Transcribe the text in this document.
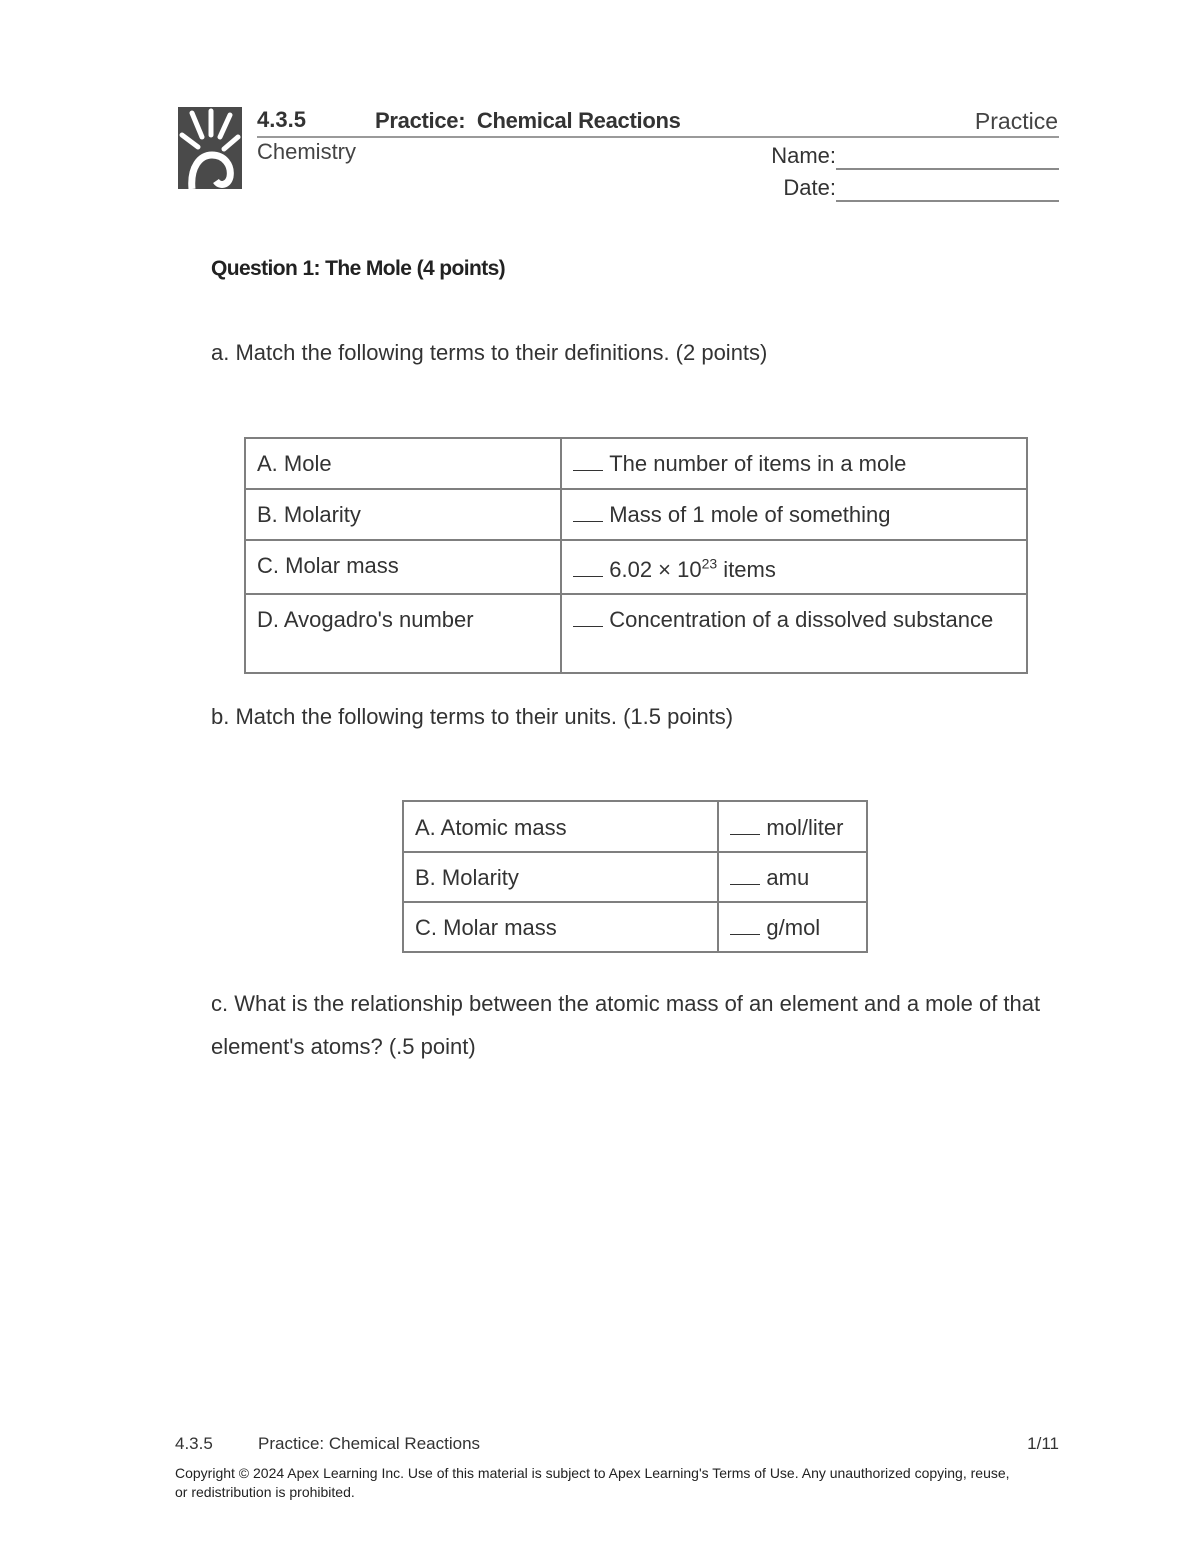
4.3.5	Practice:  Chemical Reactions	Practice
Chemistry	Name:
Date:
Question 1: The Mole (4 points)
a. Match the following terms to their definitions. (2 points)
A. Mole	The number of items in a mole
B. Molarity	Mass of 1 mole of something
C. Molar mass	$6.02 \times 10^{23}$ items
D. Avogadro's number	Concentration of a dissolved substance
b. Match the following terms to their units. (1.5 points)
A. Atomic mass	mol/liter
B. Molarity	amu
C. Molar mass	g/mol
c. What is the relationship between the atomic mass of an element and a mole of that element's atoms? (.5 point)
4.3.5	Practice: Chemical Reactions	1/11
Copyright © 2024 Apex Learning Inc. Use of this material is subject to Apex Learning's Terms of Use. Any unauthorized copying, reuse, or redistribution is prohibited.
